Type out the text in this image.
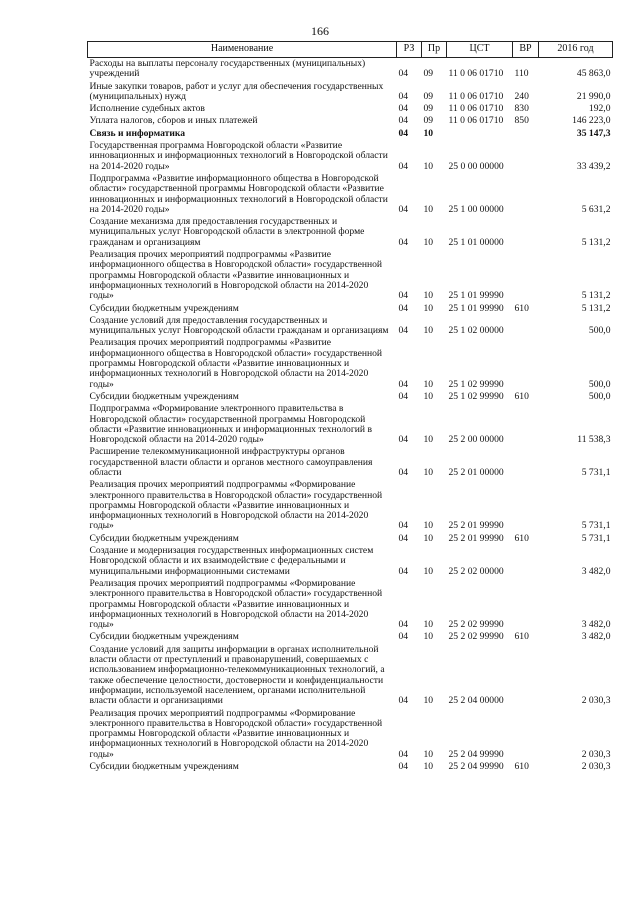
166
Наименование	РЗ	Пр	ЦСТ	ВР	2016 год
Расходы на выплаты персоналу государственных (муниципальных) учреждений	04	09	11 0 06 01710	110	45 863,0
Иные закупки товаров, работ и услуг для обеспечения государственных (муниципальных) нужд	04	09	11 0 06 01710	240	21 990,0
Исполнение судебных актов	04	09	11 0 06 01710	830	192,0
Уплата налогов, сборов и иных платежей	04	09	11 0 06 01710	850	146 223,0
Связь и информатика	04	10			35 147,3
Государственная программа Новгородской области «Развитие инновационных и информационных технологий в Новгородской области на 2014-2020 годы»	04	10	25 0 00 00000		33 439,2
Подпрограмма «Развитие информационного общества в Новгородской области» государственной программы Новгородской области «Развитие инновационных и информационных технологий в Новгородской области на 2014-2020 годы»	04	10	25 1 00 00000		5 631,2
Создание механизма для предоставления государственных и муниципальных услуг Новгородской области в электронной форме гражданам и организациям	04	10	25 1 01 00000		5 131,2
Реализация прочих мероприятий подпрограммы «Развитие информационного общества в Новгородской области» государственной программы Новгородской области «Развитие инновационных и информационных технологий в Новгородской области на 2014-2020 годы»	04	10	25 1 01 99990		5 131,2
Субсидии бюджетным учреждениям	04	10	25 1 01 99990	610	5 131,2
Создание условий для предоставления государственных и муниципальных услуг Новгородской области гражданам и организациям	04	10	25 1 02 00000		500,0
Реализация прочих мероприятий подпрограммы «Развитие информационного общества в Новгородской области» государственной программы Новгородской области «Развитие инновационных и информационных технологий в Новгородской области на 2014-2020 годы»	04	10	25 1 02 99990		500,0
Субсидии бюджетным учреждениям	04	10	25 1 02 99990	610	500,0
Подпрограмма «Формирование электронного правительства в Новгородской области» государственной программы Новгородской области «Развитие инновационных и информационных технологий в Новгородской области на 2014-2020 годы»	04	10	25 2 00 00000		11 538,3
Расширение телекоммуникационной инфраструктуры органов государственной власти области и органов местного самоуправления области	04	10	25 2 01 00000		5 731,1
Реализация прочих мероприятий подпрограммы «Формирование электронного правительства в Новгородской области» государственной программы Новгородской области «Развитие инновационных и информационных технологий в Новгородской области на 2014-2020 годы»	04	10	25 2 01 99990		5 731,1
Субсидии бюджетным учреждениям	04	10	25 2 01 99990	610	5 731,1
Создание и модернизация государственных информационных систем Новгородской области и их взаимодействие с федеральными и муниципальными информационными системами	04	10	25 2 02 00000		3 482,0
Реализация прочих мероприятий подпрограммы «Формирование электронного правительства в Новгородской области» государственной программы Новгородской области «Развитие инновационных и информационных технологий в Новгородской области на 2014-2020 годы»	04	10	25 2 02 99990		3 482,0
Субсидии бюджетным учреждениям	04	10	25 2 02 99990	610	3 482,0
Создание условий для защиты информации в органах исполнительной власти области от преступлений и правонарушений, совершаемых с использованием информационно-телекоммуникационных технологий, а также обеспечение целостности, достоверности и конфиденциальности информации, используемой населением, органами исполнительной власти области и организациями	04	10	25 2 04 00000		2 030,3
Реализация прочих мероприятий подпрограммы «Формирование электронного правительства в Новгородской области» государственной программы Новгородской области «Развитие инновационных и информационных технологий в Новгородской области на 2014-2020 годы»	04	10	25 2 04 99990		2 030,3
Субсидии бюджетным учреждениям	04	10	25 2 04 99990	610	2 030,3
